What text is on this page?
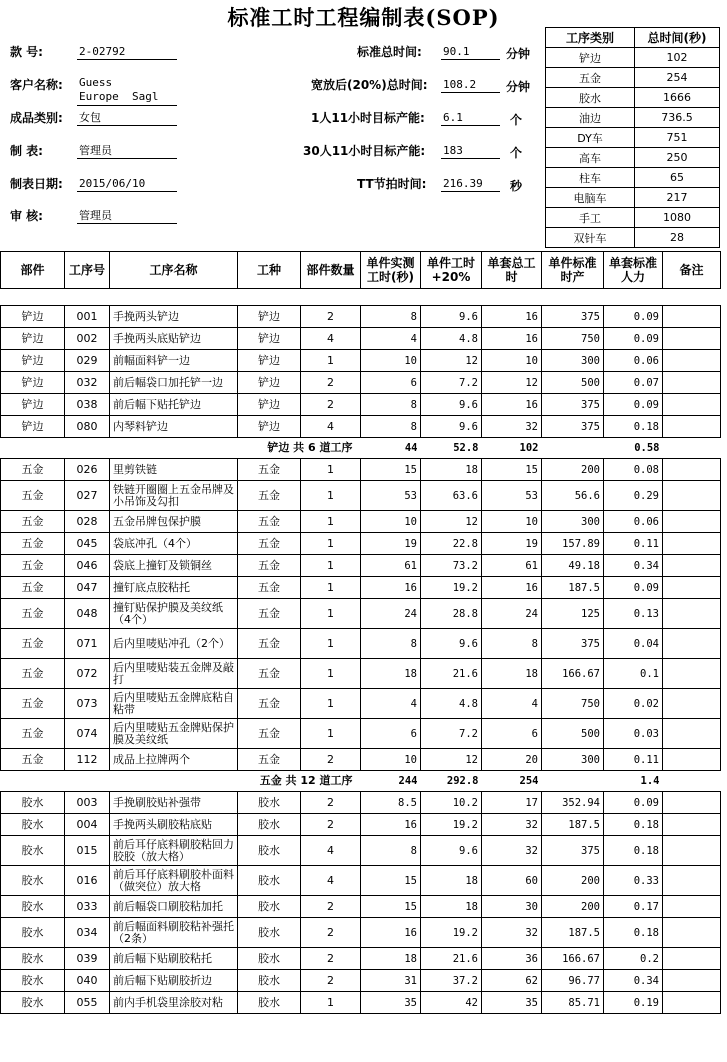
标准工时工程编制表(SOP)
款 号:	2-02792
客户名称: Guess
Europe  Sagl
成品类别: 女包
制 表:	管理员
制表日期: 2015/06/10
审 核:	管理员
标准总时间: 90.1	分钟
宽放后(20%)总时间: 108.2	分钟
1人11小时目标产能: 6.1	个
30人11小时目标产能: 183	个
TT节拍时间: 216.39	秒
工序类别	总时间(秒)
铲边	102
五金	254
胶水	1666
油边	736.5
DY车	751
高车	250
柱车	65
电脑车	217
手工	1080
双针车	28
部件	工序号	工序名称	工种	部件数量	单件实测工时(秒)	单件工时+20%	单套总工时	单件标准时产	单套标准人力	备注

铲边	001	手挽两头铲边	铲边	2	8	9.6	16	375	0.09	
铲边	002	手挽两头底贴铲边	铲边	4	4	4.8	16	750	0.09	
铲边	029	前幅面料铲一边	铲边	1	10	12	10	300	0.06	
铲边	032	前后幅袋口加托铲一边	铲边	2	6	7.2	12	500	0.07	
铲边	038	前后幅下贴托铲边	铲边	2	8	9.6	16	375	0.09	
铲边	080	内琴料铲边	铲边	4	8	9.6	32	375	0.18	
铲边 共 6 道工序					44	52.8	102		0.58	
五金	026	里剪铁链	五金	1	15	18	15	200	0.08	
五金	027	铁链开圈圈上五金吊牌及小吊饰及勾扣	五金	1	53	63.6	53	56.6	0.29	
五金	028	五金吊牌包保护膜	五金	1	10	12	10	300	0.06	
五金	045	袋底冲孔（4个）	五金	1	19	22.8	19	157.89	0.11	
五金	046	袋底上撞钉及锁铜丝	五金	1	61	73.2	61	49.18	0.34	
五金	047	撞钉底点胶粘托	五金	1	16	19.2	16	187.5	0.09	
五金	048	撞钉贴保护膜及美纹纸（4个）	五金	1	24	28.8	24	125	0.13	
五金	071	后内里唛贴冲孔（2个）	五金	1	8	9.6	8	375	0.04	
五金	072	后内里唛贴装五金牌及敲打	五金	1	18	21.6	18	166.67	0.1	
五金	073	后内里唛贴五金牌底粘自粘带	五金	1	4	4.8	4	750	0.02	
五金	074	后内里唛贴五金牌贴保护膜及美纹纸	五金	1	6	7.2	6	500	0.03	
五金	112	成品上拉牌两个	五金	2	10	12	20	300	0.11	
五金 共 12 道工序					244	292.8	254		1.4	
胶水	003	手挽刷胶贴补强带	胶水	2	8.5	10.2	17	352.94	0.09	
胶水	004	手挽两头刷胶粘底贴	胶水	2	16	19.2	32	187.5	0.18	
胶水	015	前后耳仔底料刷胶粘回力胶胶（放大格）	胶水	4	8	9.6	32	375	0.18	
胶水	016	前后耳仔底料刷胶朴面料（做突位）放大格	胶水	4	15	18	60	200	0.33	
胶水	033	前后幅袋口刷胶粘加托	胶水	2	15	18	30	200	0.17	
胶水	034	前后幅面料刷胶粘补强托（2条）	胶水	2	16	19.2	32	187.5	0.18	
胶水	039	前后幅下贴刷胶粘托	胶水	2	18	21.6	36	166.67	0.2	
胶水	040	前后幅下贴刷胶折边	胶水	2	31	37.2	62	96.77	0.34	
胶水	055	前内手机袋里涂胶对粘	胶水	1	35	42	35	85.71	0.19	
